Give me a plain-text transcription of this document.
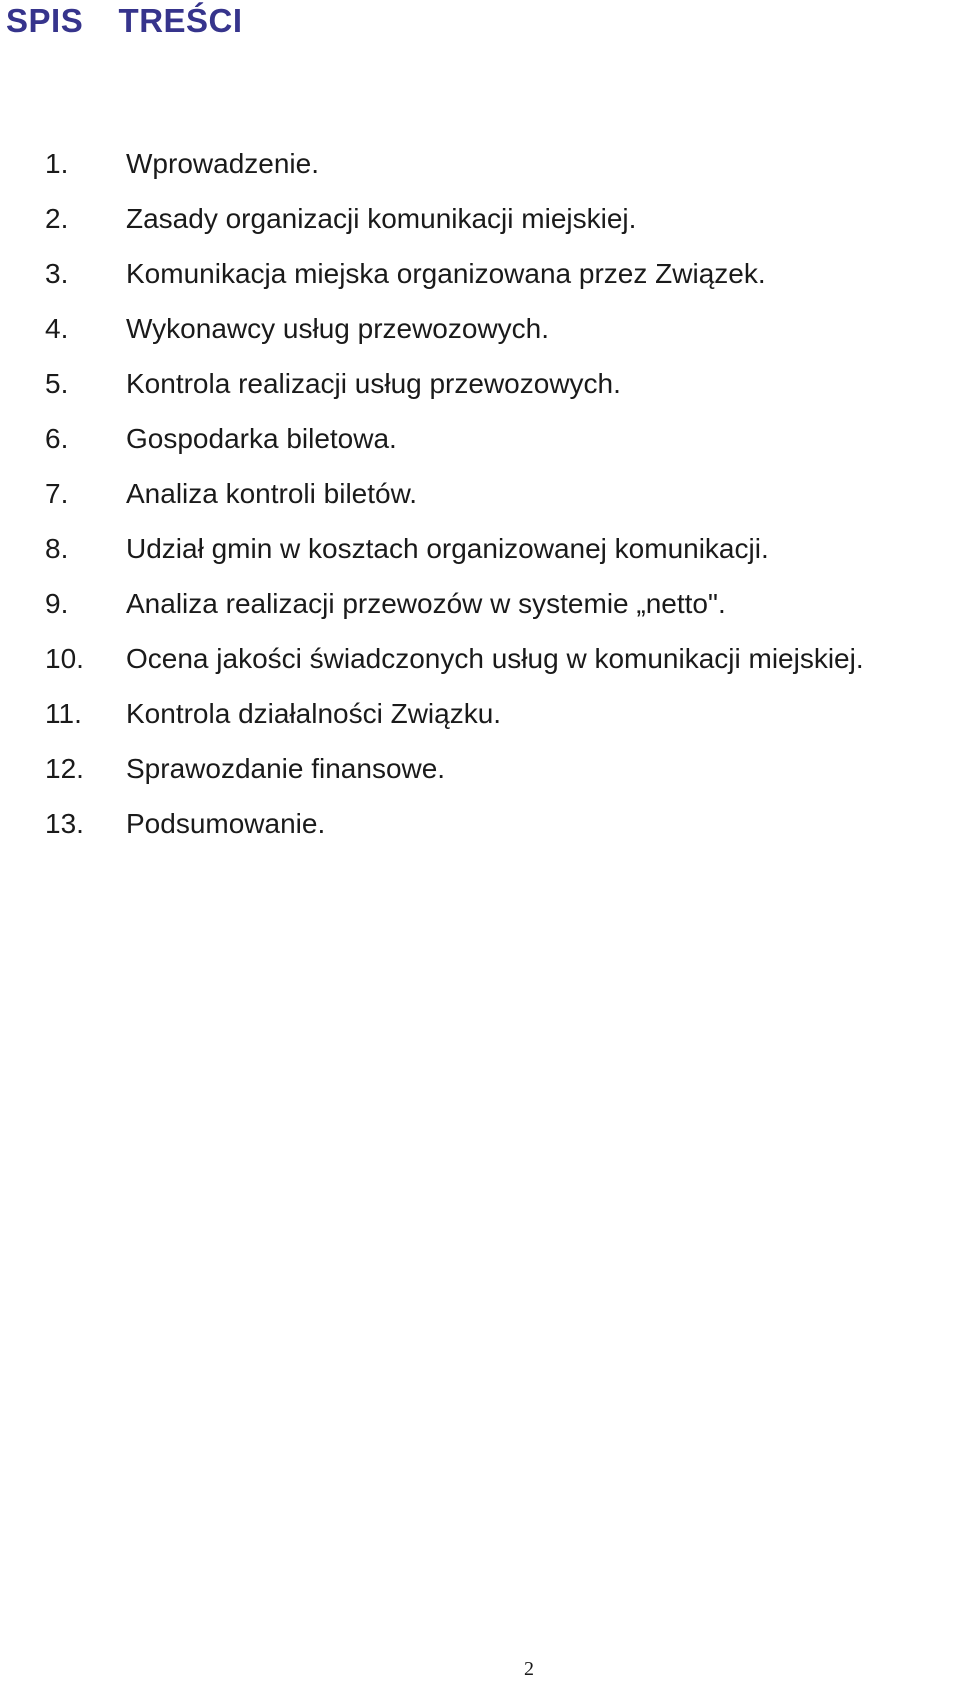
SPIS  TREŚCI
1. Wprowadzenie.
2. Zasady organizacji komunikacji miejskiej.
3. Komunikacja miejska organizowana przez Związek.
4. Wykonawcy usług przewozowych.
5. Kontrola realizacji usług przewozowych.
6. Gospodarka biletowa.
7. Analiza kontroli biletów.
8. Udział gmin w kosztach organizowanej komunikacji.
9. Analiza realizacji przewozów w systemie „netto".
10. Ocena jakości świadczonych usług w komunikacji miejskiej.
11. Kontrola działalności Związku.
12. Sprawozdanie finansowe.
13. Podsumowanie.
2
